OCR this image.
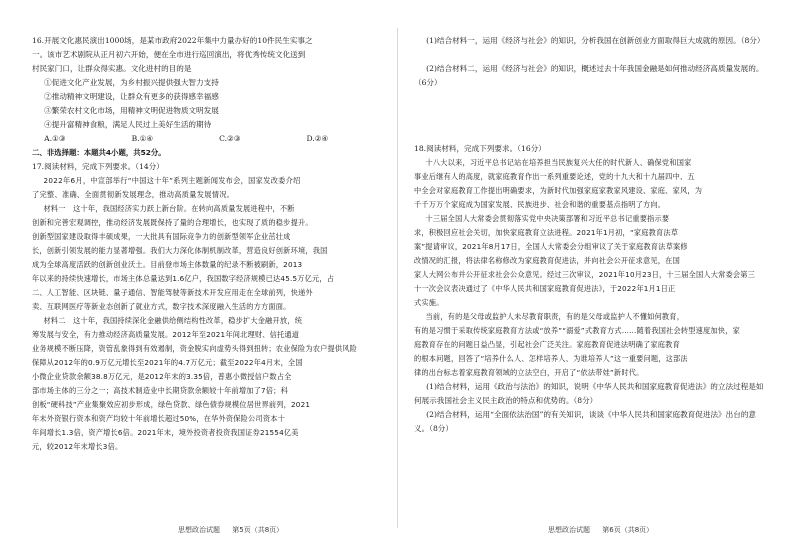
16.开展文化惠民演出1000场，是某市政府2022年集中力量办好的10件民生实事之

一。该市艺术剧院从正月初六开始，便在全市进行巡回演出，将优秀传统文化送到

村民家门口，让群众得实惠。文化进村的目的是

①促进文化产业发展，为乡村振兴提供强大智力支持

②推动精神文明建设，让群众有更多的获得感幸福感

③繁荣农村文化市场，用精神文明促进物质文明发展

④提升富精神食粮，满足人民过上美好生活的期待

A.①③	B.①④	C.②③	D.②④

二、非选择题：本题共4小题，共52分。

17.阅读材料，完成下列要求。（14分）

2022年6月，中宣部举行“中国这十年”系列主题新闻发布会，国家发改委介绍

了完整、准确、全面贯彻新发展理念，推动高质量发展情况。

材料一　这十年，我国经济实力跃上新台阶。在转向高质量发展进程中，不断

创新和完善宏观调控，推动经济发展既保持了量的合理增长，也实现了质的稳步提升。

创新型国家建设取得丰硕成果，一大批具有国际竞争力的创新型领军企业茁壮成

长，创新引领发展的能力显著增强。我们大力深化体制机制改革，营造良好创新环境，我国

成为全球高度活跃的创新创业沃土。目前登市场主体数量的纪录不断被刷新，2013

年以来的持续快速增长，市场主体总量达到1.6亿户，我国数字经济规模已达45.5万亿元，占

二、人工智能、区块链、量子通信、智能驾驶等新技术开发应用走在全球前列，快递外

卖、互联网医疗等新业态创新了就业方式，数字技术深度融入生活的方方面面。

材料二　这十年，我国持续深化金融供给侧结构性改革，稳步扩大金融开放，统

筹发展与安全，有力推动经济高质量发展。2012年至2021年间北理财、信托通道

业务规模不断压降，资管乱象得到有效遏制，资金脱实向虚势头得到扭转；农业保险为农户提供风险

保障从2012年的0.9万亿元增长至2021年的4.7万亿元；截至2022年4月末，全国

小微企业贷款余额38.8万亿元，是2012年末的3.35倍，普惠小微授信户数占全

部市场主体的三分之一；高技术制造业中长期贷款余额较十年前增加了7倍；科

创板“硬科技”产业集聚效应初步形成，绿色贷款、绿色债券规模位居世界前列，2021

年末外资银行资本和资产均较十年前增长超过50%，在华外资保险公司资本十

年间增长1.3倍，资产增长6倍。2021年末，境外投资者投资我国证券21554亿美

元，较2012年末增长3倍。

思想政治试题 第5页（共8页）

(1)结合材料一，运用《经济与社会》的知识，分析我国在创新创业方面取得巨大成就的原因。（8分）

(2)结合材料二，运用《经济与社会》的知识，概述过去十年我国金融是如何推动经济高质量发展的。（6分）

18.阅读材料，完成下列要求。（16分）

十八大以来，习近平总书记站在培养担当民族复兴大任的时代新人、确保党和国家

事业后继有人的高度，就家庭教育作出一系列重要论述，党的十九大和十九届四中、五

中全会对家庭教育工作提出明确要求，为新时代加强家庭家教家风建设、家庭、家风，为

千千万万个家庭成为国家发展、民族进步、社会和谐的重要基点指明了方向。

十三届全国人大常委会贯彻落实党中央决策部署和习近平总书记重要指示要

求，积极回应社会关切，加快家庭教育立法进程。2021年1月初，“家庭教育法草

案”提请审议，2021年8月17日，全国人大常委会分组审议了关于家庭教育法草案修

改情况的汇报，将法律名称修改为家庭教育促进法，并向社会公开征求意见，在国

家人大网公布并公开征求社会公众意见。经过三次审议，2021年10月23日，十三届全国人大常委会第三

十一次会议表决通过了《中华人民共和国家庭教育促进法》，于2022年1月1日正

式实施。

当前，有的是父母或监护人未尽教育职责，有的是父母或监护人不懂如何教育，

有的是习惯于采取传统家庭教育方法或“放养”“溺爱”式教育方式……随着我国社会转型速度加快，家

庭教育存在的问题日益凸显，引起社会广泛关注。家庭教育促进法明确了家庭教育

的根本问题，回答了“培养什么人、怎样培养人、为谁培养人”这一重要问题，这部法

律的出台标志着家庭教育领域的立法空白，开启了“依法带娃”新时代。

(1)结合材料，运用《政治与法治》的知识，说明《中华人民共和国家庭教育促进法》的立法过程是如何展示我国社会主义民主政治的特点和优势的。（8分）

(2)结合材料，运用“全面依法治国”的有关知识，谈谈《中华人民共和国家庭教育促进法》出台的意义。（8分）

思想政治试题 第6页（共8页）
